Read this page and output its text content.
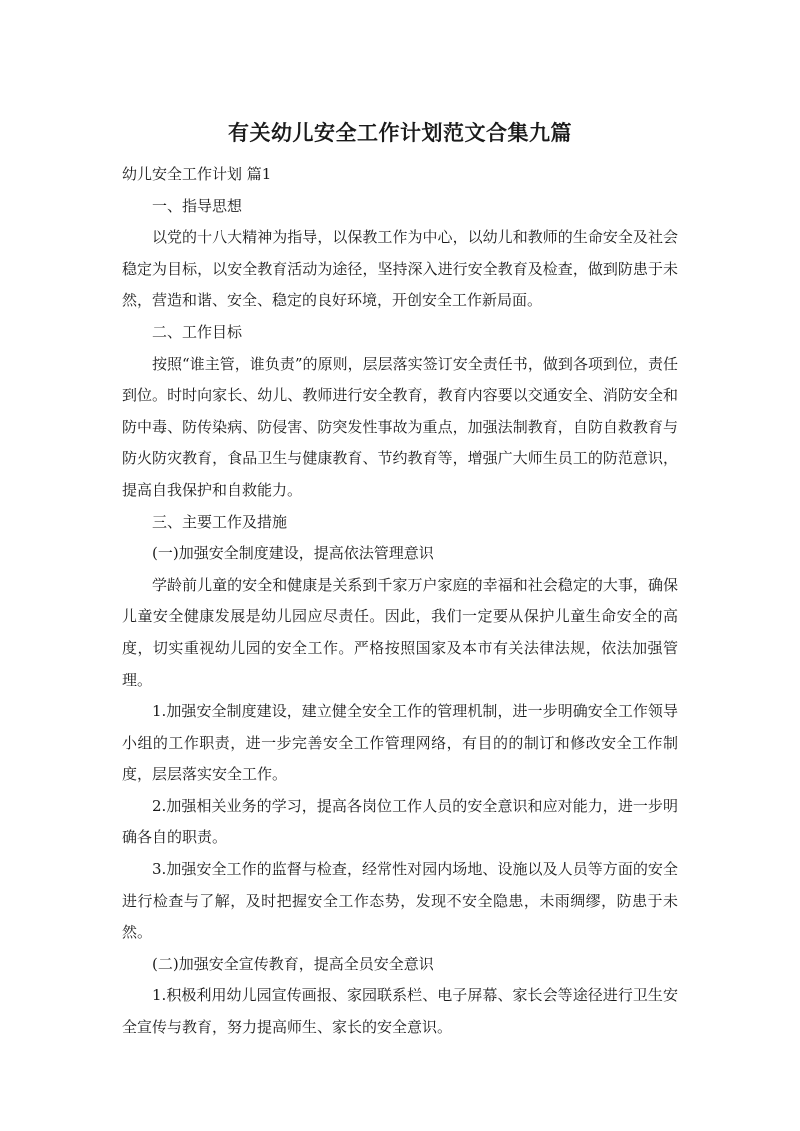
有关幼儿安全工作计划范文合集九篇

幼儿安全工作计划 篇1

一、指导思想

以党的十八大精神为指导，以保教工作为中心，以幼儿和教师的生命安全及社会稳定为目标，以安全教育活动为途径，坚持深入进行安全教育及检查，做到防患于未然，营造和谐、安全、稳定的良好环境，开创安全工作新局面。

二、工作目标

按照“谁主管，谁负责”的原则，层层落实签订安全责任书，做到各项到位，责任到位。时时向家长、幼儿、教师进行安全教育，教育内容要以交通安全、消防安全和防中毒、防传染病、防侵害、防突发性事故为重点，加强法制教育，自防自救教育与防火防灾教育，食品卫生与健康教育、节约教育等，增强广大师生员工的防范意识，提高自我保护和自救能力。

三、主要工作及措施

(一)加强安全制度建设，提高依法管理意识

学龄前儿童的安全和健康是关系到千家万户家庭的幸福和社会稳定的大事，确保儿童安全健康发展是幼儿园应尽责任。因此，我们一定要从保护儿童生命安全的高度，切实重视幼儿园的安全工作。严格按照国家及本市有关法律法规，依法加强管理。

1.加强安全制度建设，建立健全安全工作的管理机制，进一步明确安全工作领导小组的工作职责，进一步完善安全工作管理网络，有目的的制订和修改安全工作制度，层层落实安全工作。

2.加强相关业务的学习，提高各岗位工作人员的安全意识和应对能力，进一步明确各自的职责。

3.加强安全工作的监督与检查，经常性对园内场地、设施以及人员等方面的安全进行检查与了解，及时把握安全工作态势，发现不安全隐患，未雨绸缪，防患于未然。

(二)加强安全宣传教育，提高全员安全意识

1.积极利用幼儿园宣传画报、家园联系栏、电子屏幕、家长会等途径进行卫生安全宣传与教育，努力提高师生、家长的安全意识。
